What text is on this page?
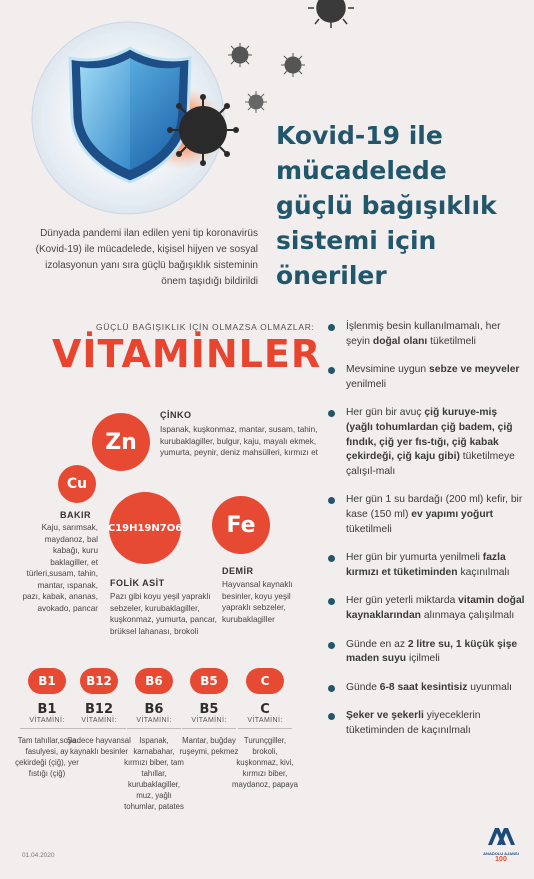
Kovid-19 ile mücadelede güçlü bağışıklık sistemi için öneriler
Dünyada pandemi ilan edilen yeni tip koronavirüs (Kovid-19) ile mücadelede, kişisel hijyen ve sosyal izolasyonun yanı sıra güçlü bağışıklık sisteminin önem taşıdığı bildirildi
GÜÇLÜ BAĞIŞIKLIK İÇİN OLMAZSA OLMAZLAR:
VİTAMİNLER
Zn
ÇİNKO
Ispanak, kuşkonmaz, mantar, susam, tahin, kurubaklagiller, bulgur, kaju, mayalı ekmek, yumurta, peynir, deniz mahsülleri, kırmızı et
Cu
BAKIR
Kaju, sarımsak, maydanoz, bal kabağı, kuru baklagiller, et türleri,susam, tahin, mantar, ıspanak, pazı, kabak, ananas, avokado, pancar
C19H19N7O6
FOLİK ASİT
Pazı gibi koyu yeşil yapraklı sebzeler, kurubaklagiller, kuşkonmaz, yumurta, pancar, brüksel lahanası, brokoli
Fe
DEMİR
Hayvansal kaynaklı besinler, koyu yeşil yapraklı sebzeler, kurubaklagiller
B1
B1
VİTAMİNİ:
Tam tahıllar,soya fasulyesi, ay çekirdeği (çiğ), yer fıstığı (çiğ)
B12
B12
VİTAMİNİ:
Sadece hayvansal kaynaklı besinler
B6
B6
VİTAMİNİ:
Ispanak, karnabahar, kırmızı biber, tam tahıllar, kurubaklagiller, muz, yağlı tohumlar, patates
B5
B5
VİTAMİNİ:
Mantar, buğday ruşeymi, pekmez
C
C
VİTAMİNİ:
Turunçgiller, brokoli, kuşkonmaz, kivi, kırmızı biber, maydanoz, papaya
İşlenmiş besin kullanılmamalı, her şeyin doğal olanı tüketilmeli
Mevsimine uygun sebze ve meyveler yenilmeli
Her gün bir avuç çiğ kuruye-miş (yağlı tohumlardan çiğ badem, çiğ fındık, çiğ yer fıs-tığı, çiğ kabak çekirdeği, çiğ kaju gibi) tüketilmeye çalışıl-malı
Her gün 1 su bardağı (200 ml) kefir, bir kase (150 ml) ev yapımı yoğurt tüketilmeli
Her gün bir yumurta yenilmeli fazla kırmızı et tüketiminden kaçınılmalı
Her gün yeterli miktarda vitamin doğal kaynaklarından alınmaya çalışılmalı
Günde en az 2 litre su, 1 küçük şişe maden suyu içilmeli
Günde 6-8 saat kesintisiz uyunmalı
Şeker ve şekerli yiyeceklerin tüketiminden de kaçınılmalı
01.04.2020	ANADOLU AJANSI
100
